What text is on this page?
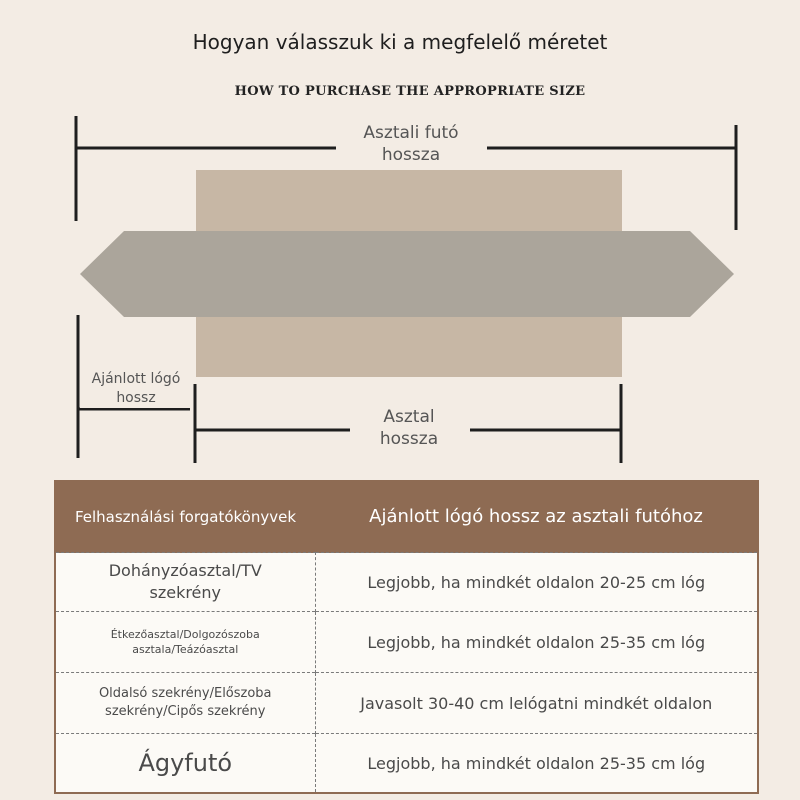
Hogyan válasszuk ki a megfelelő méretet
HOW TO PURCHASE THE APPROPRIATE SIZE
Asztali futó
hossza
Asztal
hossza
Ajánlott lógó
hossz
Felhasználási forgatókönyvek	Ajánlott lógó hossz az asztali futóhoz
Dohányzóasztal/TV
szekrény	Legjobb, ha mindkét oldalon 20-25 cm lóg
Étkezőasztal/Dolgozószoba
asztala/Teázóasztal	Legjobb, ha mindkét oldalon 25-35 cm lóg
Oldalsó szekrény/Előszoba
szekrény/Cipős szekrény	Javasolt 30-40 cm lelógatni mindkét oldalon
Ágyfutó	Legjobb, ha mindkét oldalon 25-35 cm lóg
